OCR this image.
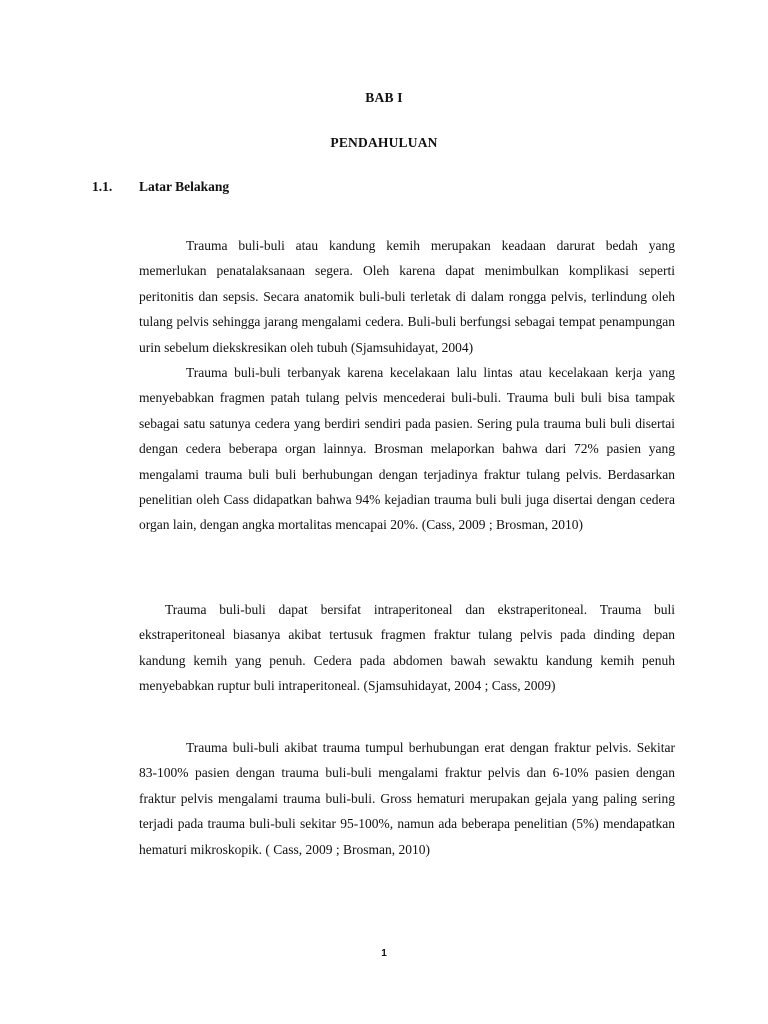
BAB I

PENDAHULUAN

1.1.	Latar Belakang

Trauma buli-buli atau kandung kemih merupakan keadaan darurat bedah yang memerlukan penatalaksanaan segera. Oleh karena dapat menimbulkan komplikasi seperti peritonitis dan sepsis. Secara anatomik buli-buli terletak di dalam rongga pelvis, terlindung oleh tulang pelvis sehingga jarang mengalami cedera. Buli-buli berfungsi sebagai tempat penampungan urin sebelum diekskresikan oleh tubuh (Sjamsuhidayat, 2004)

Trauma buli-buli terbanyak karena kecelakaan lalu lintas atau kecelakaan kerja yang menyebabkan fragmen patah tulang pelvis mencederai buli-buli. Trauma buli buli bisa tampak sebagai satu satunya cedera yang berdiri sendiri pada pasien. Sering pula trauma buli buli disertai dengan cedera beberapa organ lainnya. Brosman melaporkan bahwa dari 72% pasien yang mengalami trauma buli buli berhubungan dengan terjadinya fraktur tulang pelvis. Berdasarkan penelitian oleh Cass didapatkan bahwa 94% kejadian trauma buli buli juga disertai dengan cedera organ lain, dengan angka mortalitas mencapai 20%. (Cass, 2009 ; Brosman, 2010)

Trauma buli-buli dapat bersifat intraperitoneal dan ekstraperitoneal. Trauma buli ekstraperitoneal biasanya akibat tertusuk fragmen fraktur tulang pelvis pada dinding depan kandung kemih yang penuh. Cedera pada abdomen bawah sewaktu kandung kemih penuh menyebabkan ruptur buli intraperitoneal. (Sjamsuhidayat, 2004 ; Cass, 2009)

Trauma buli-buli akibat trauma tumpul berhubungan erat dengan fraktur pelvis. Sekitar 83-100% pasien dengan trauma buli-buli mengalami fraktur pelvis dan 6-10% pasien dengan fraktur pelvis mengalami trauma buli-buli. Gross hematuri merupakan gejala yang paling sering terjadi pada trauma buli-buli sekitar 95-100%, namun ada beberapa penelitian (5%) mendapatkan hematuri mikroskopik. ( Cass, 2009 ; Brosman, 2010)

1
